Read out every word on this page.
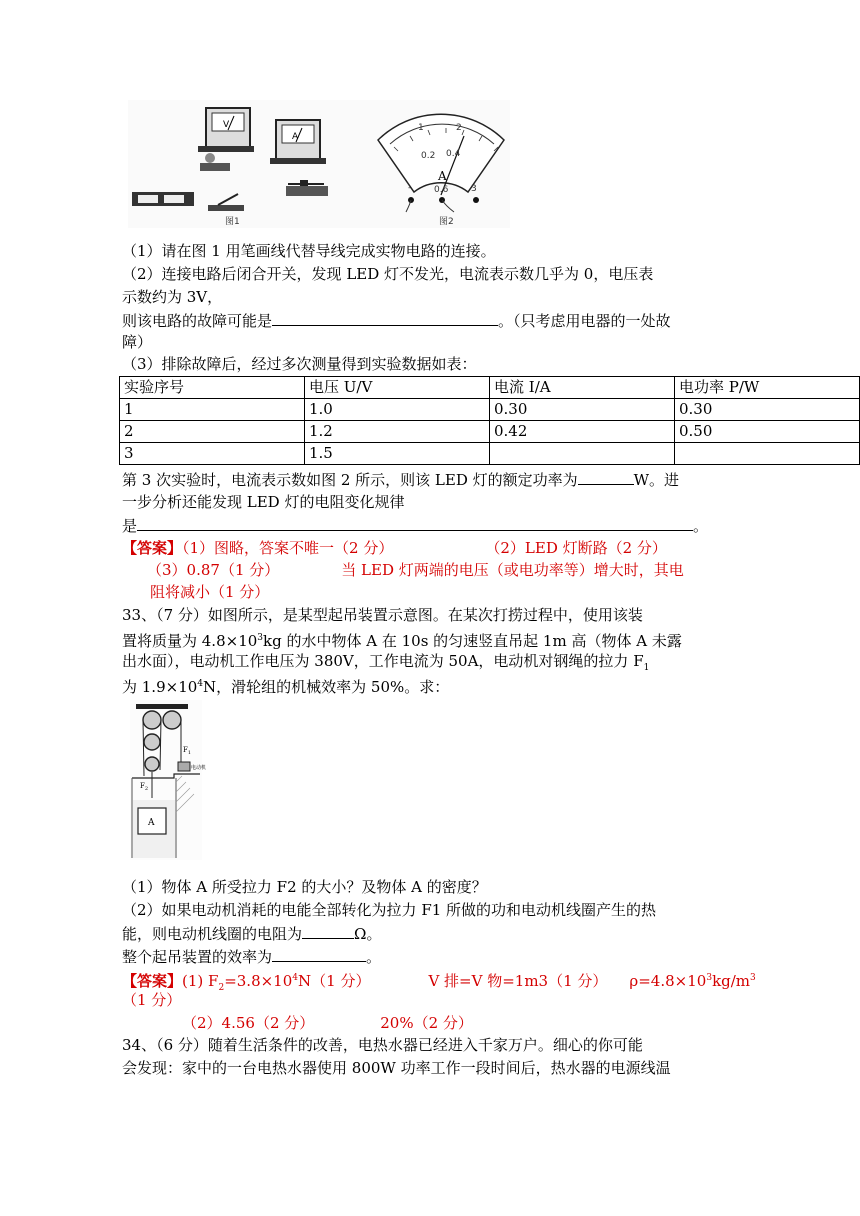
V
A
图1
0.2 0.4
1	2
A
-	0.6	3
图2
（1）请在图 1 用笔画线代替导线完成实物电路的连接。
（2）连接电路后闭合开关，发现 LED 灯不发光，电流表示数几乎为 0，电压表
示数约为 3V，
则该电路的故障可能是	。（只考虑用电器的一处故
障）
（3）排除故障后，经过多次测量得到实验数据如表：
实验序号	电压 U/V	电流 I/A	电功率 P/W
1	1.0	0.30	0.30
2	1.2	0.42	0.50
3	1.5		
第 3 次实验时，电流表示数如图 2 所示，则该 LED 灯的额定功率为	W。进
一步分析还能发现 LED 灯的电阻变化规律
是	。
【答案】（1）图略，答案不唯一（2 分）	（2）LED 灯断路（2 分）
（3）0.87（1 分）	当 LED 灯两端的电压（或电功率等）增大时，其电
阻将减小（1 分）
33、（7 分）如图所示，是某型起吊装置示意图。在某次打捞过程中，使用该装
置将质量为 $4.8\times 10^3kg$ 的水中物体 A 在 10s 的匀速竖直吊起 1m 高（物体 A 未露
出水面），电动机工作电压为 380V，工作电流为 50A，电动机对钢绳的拉力 $F_1$
为 $1.9\times 10^4N$，滑轮组的机械效率为 50%。求：
电动机
$F_1$
$F_2$
A
（1）物体 A 所受拉力 F2 的大小？及物体 A 的密度？
（2）如果电动机消耗的电能全部转化为拉力 F1 所做的功和电动机线圈产生的热
能，则电动机线圈的电阻为	Ω。
整个起吊装置的效率为	。
【答案】(1) $F_2=3.8\times 10^4N(1$ 分）	V 排=V 物=1m3（1 分） $\rho=4.8\times 10^3kg/m^3$
（1 分）
（2）4.56（2 分）	20%（2 分）
34、（6 分）随着生活条件的改善，电热水器已经进入千家万户。细心的你可能
会发现：家中的一台电热水器使用 800W 功率工作一段时间后，热水器的电源线温
